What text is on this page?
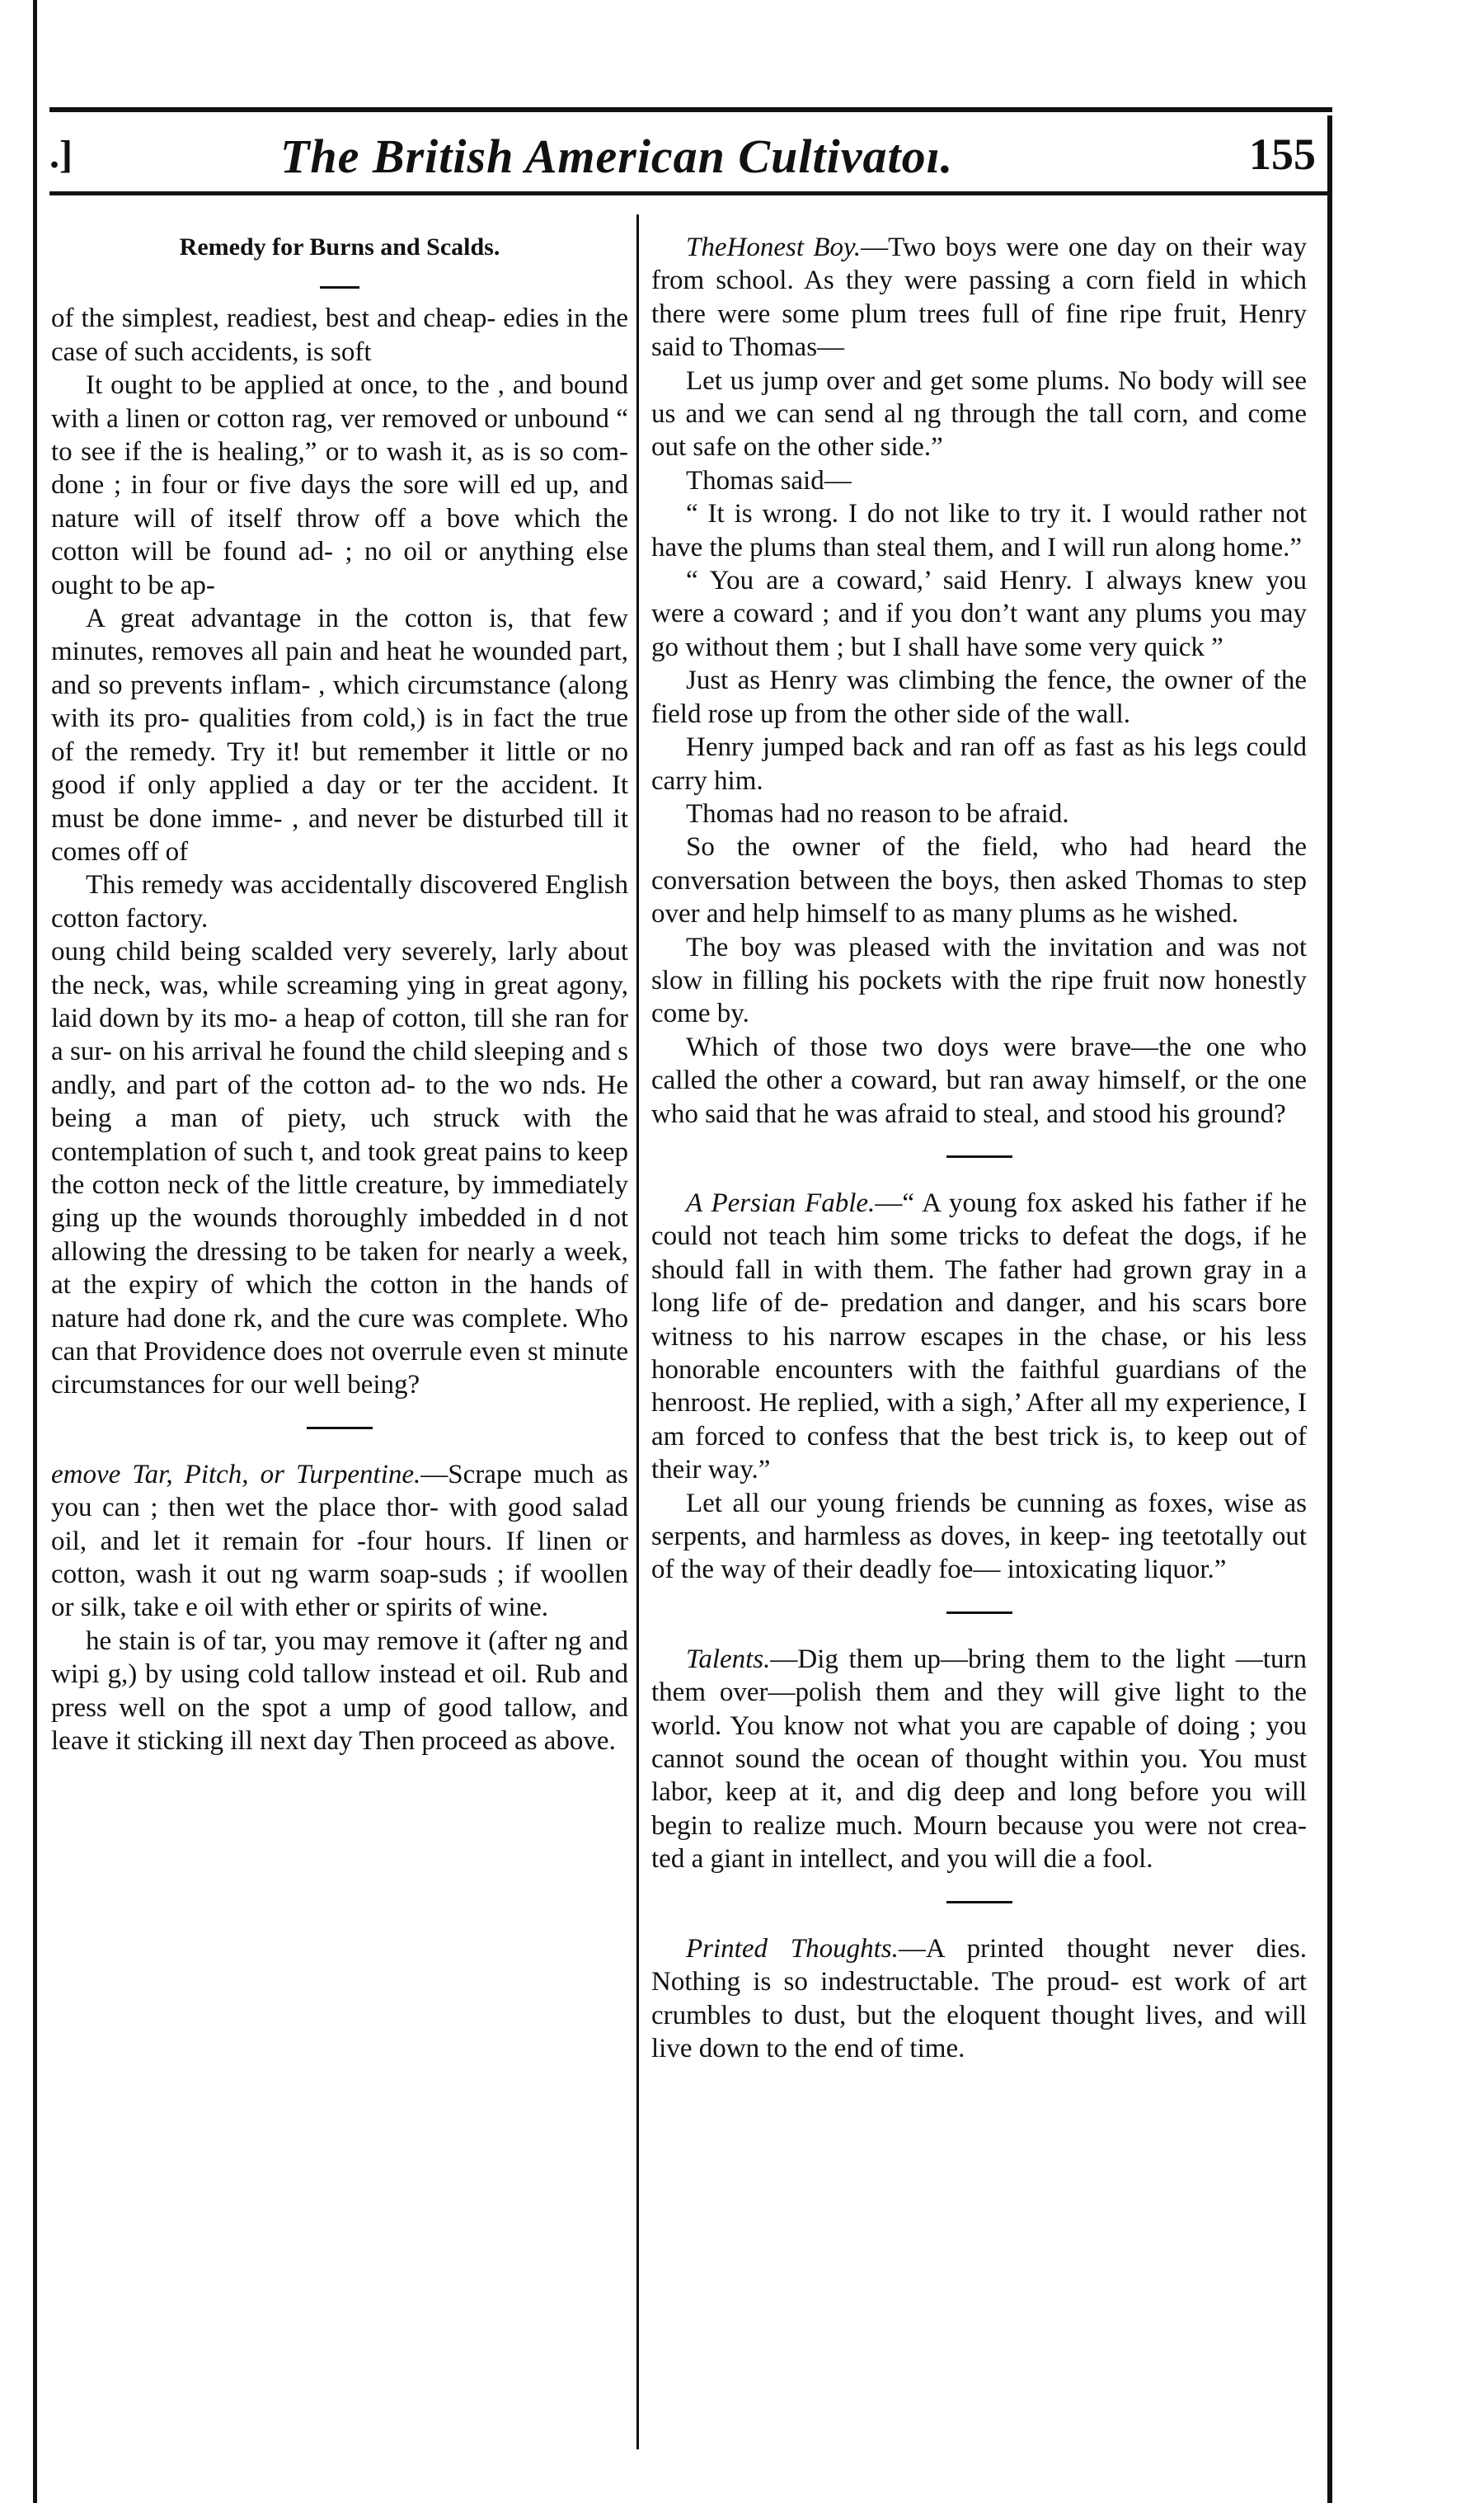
.]	The British American Cultivatoı.	155

Remedy for Burns and Scalds.

of the simplest, readiest, best and cheap- edies in the case of such accidents, is soft

It ought to be applied at once, to the , and bound with a linen or cotton rag, ver removed or unbound “ to see if the is healing,” or to wash it, as is so com- done ; in four or five days the sore will ed up, and nature will of itself throw off a bove which the cotton will be found ad- ; no oil or anything else ought to be ap-

A great advantage in the cotton is, that few minutes, removes all pain and heat he wounded part, and so prevents inflam- , which circumstance (along with its pro- qualities from cold,) is in fact the true of the remedy. Try it! but remember it little or no good if only applied a day or ter the accident. It must be done imme- , and never be disturbed till it comes off of

This remedy was accidentally discovered English cotton factory.

oung child being scalded very severely, larly about the neck, was, while screaming ying in great agony, laid down by its mo- a heap of cotton, till she ran for a sur- on his arrival he found the child sleeping and s andly, and part of the cotton ad- to the wo nds. He being a man of piety, uch struck with the contemplation of such t, and took great pains to keep the cotton neck of the little creature, by immediately ging up the wounds thoroughly imbedded in d not allowing the dressing to be taken for nearly a week, at the expiry of which the cotton in the hands of nature had done rk, and the cure was complete. Who can that Providence does not overrule even st minute circumstances for our well being?

emove Tar, Pitch, or Turpentine.—Scrape much as you can ; then wet the place thor- with good salad oil, and let it remain for -four hours. If linen or cotton, wash it out ng warm soap-suds ; if woollen or silk, take e oil with ether or spirits of wine.

he stain is of tar, you may remove it (after ng and wipi g,) by using cold tallow instead et oil. Rub and press well on the spot a ump of good tallow, and leave it sticking ill next day Then proceed as above.

TheHonest Boy.—Two boys were one day on their way from school. As they were passing a corn field in which there were some plum trees full of fine ripe fruit, Henry said to Thomas—

Let us jump over and get some plums. No body will see us and we can send al ng through the tall corn, and come out safe on the other side.”

Thomas said—

“ It is wrong. I do not like to try it. I would rather not have the plums than steal them, and I will run along home.”

“ You are a coward,’ said Henry. I always knew you were a coward ; and if you don’t want any plums you may go without them ; but I shall have some very quick ”

Just as Henry was climbing the fence, the owner of the field rose up from the other side of the wall.

Henry jumped back and ran off as fast as his legs could carry him.

Thomas had no reason to be afraid.

So the owner of the field, who had heard the conversation between the boys, then asked Thomas to step over and help himself to as many plums as he wished.

The boy was pleased with the invitation and was not slow in filling his pockets with the ripe fruit now honestly come by.

Which of those two doys were brave—the one who called the other a coward, but ran away himself, or the one who said that he was afraid to steal, and stood his ground?

A Persian Fable.—“ A young fox asked his father if he could not teach him some tricks to defeat the dogs, if he should fall in with them. The father had grown gray in a long life of de- predation and danger, and his scars bore witness to his narrow escapes in the chase, or his less honorable encounters with the faithful guardians of the henroost. He replied, with a sigh,’ After all my experience, I am forced to confess that the best trick is, to keep out of their way.”

Let all our young friends be cunning as foxes, wise as serpents, and harmless as doves, in keep- ing teetotally out of the way of their deadly foe— intoxicating liquor.”

Talents.—Dig them up—bring them to the light —turn them over—polish them and they will give light to the world. You know not what you are capable of doing ; you cannot sound the ocean of thought within you. You must labor, keep at it, and dig deep and long before you will begin to realize much. Mourn because you were not crea- ted a giant in intellect, and you will die a fool.

Printed Thoughts.—A printed thought never dies. Nothing is so indestructable. The proud- est work of art crumbles to dust, but the eloquent thought lives, and will live down to the end of time.
